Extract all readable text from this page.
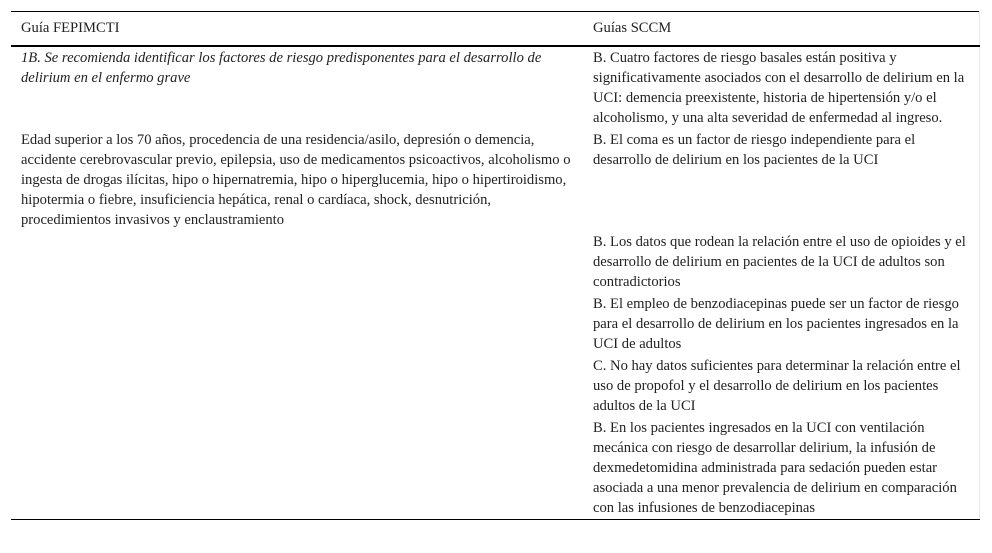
Guía FEPIMCTI	Guías SCCM
1B. Se recomienda identificar los factores de riesgo predisponentes para el desarrollo de delirium en el enfermo grave	B. Cuatro factores de riesgo basales están positiva y significativamente asociados con el desarrollo de delirium en la UCI: demencia preexistente, historia de hipertensión y/o el alcoholismo, y una alta severidad de enfermedad al ingreso.
Edad superior a los 70 años, procedencia de una residencia/asilo, depresión o demencia, accidente cerebrovascular previo, epilepsia, uso de medicamentos psicoactivos, alcoholismo o ingesta de drogas ilícitas, hipo o hipernatremia, hipo o hiperglucemia, hipo o hipertiroidismo, hipotermia o fiebre, insuficiencia hepática, renal o cardíaca, shock, desnutrición, procedimientos invasivos y enclaustramiento	B. El coma es un factor de riesgo independiente para el desarrollo de delirium en los pacientes de la UCI
	B. Los datos que rodean la relación entre el uso de opioides y el desarrollo de delirium en pacientes de la UCI de adultos son contradictorios
	B. El empleo de benzodiacepinas puede ser un factor de riesgo para el desarrollo de delirium en los pacientes ingresados en la UCI de adultos
	C. No hay datos suficientes para determinar la relación entre el uso de propofol y el desarrollo de delirium en los pacientes adultos de la UCI
	B. En los pacientes ingresados en la UCI con ventilación mecánica con riesgo de desarrollar delirium, la infusión de dexmedetomidina administrada para sedación pueden estar asociada a una menor prevalencia de delirium en comparación con las infusiones de benzodiacepinas
